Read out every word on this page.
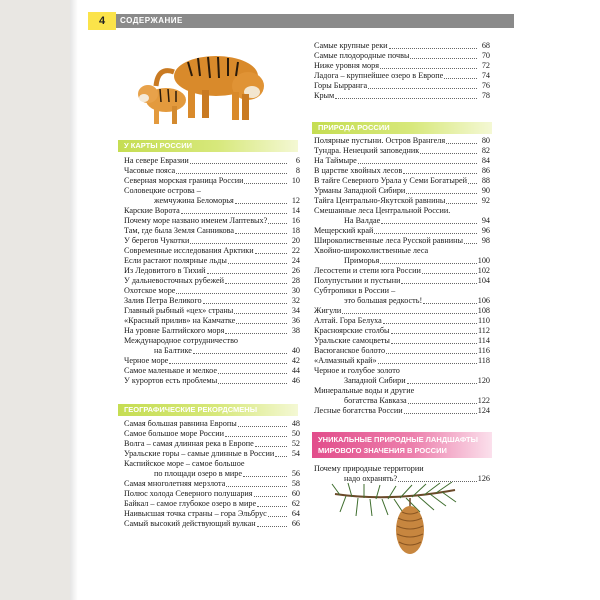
4	СОДЕРЖАНИЕ
У КАРТЫ РОССИИ
На севере Евразии	6
Часовые пояса	8
Северная морская граница России	10
Соловецкие острова –
жемчужина Беломорья	12
Карские Ворота	14
Почему море названо именем Лаптевых?	16
Там, где была Земля Санникова	18
У берегов Чукотки	20
Современные исследования Арктики	22
Если растают полярные льды	24
Из Ледовитого в Тихий	26
У дальневосточных рубежей	28
Охотское море	30
Залив Петра Великого	32
Главный рыбный «цех» страны	34
«Красный прилив» на Камчатке	36
На уровне Балтийского моря	38
Международное сотрудничество
на Балтике	40
Черное море	42
Самое маленькое и мелкое	44
У курортов есть проблемы	46
ГЕОГРАФИЧЕСКИЕ РЕКОРДСМЕНЫ
Самая большая равнина Европы	48
Самое большое море России	50
Волга – самая длинная река в Европе	52
Уральские горы – самые длинные в России	54
Каспийское море – самое большое
по площади озеро в мире	56
Самая многолетняя мерзлота	58
Полюс холода Северного полушария	60
Байкал – самое глубокое озеро в мире	62
Наивысшая точка страны – гора Эльбрус	64
Самый высокий действующий вулкан	66
Самые крупные реки	68
Самые плодородные почвы	70
Ниже уровня моря	72
Ладога – крупнейшее озеро в Европе	74
Горы Бырранга	76
Крым	78
ПРИРОДА РОССИИ
Полярные пустыни. Остров Врангеля	80
Тундра. Ненецкий заповедник	82
На Таймыре	84
В царстве хвойных лесов	86
В тайге Северного Урала у Семи Богатырей	88
Урманы Западной Сибири	90
Тайга Центрально-Якутской равнины	92
Смешанные леса Центральной России.
На Валдае	94
Мещерский край	96
Широколиственные леса Русской равнины	98
Хвойно-широколиственные леса
Приморья	100
Лесостепи и степи юга России	102
Полупустыни и пустыни	104
Субтропики в России –
это большая редкость!	106
Жигули	108
Алтай. Гора Белуха	110
Красноярские столбы	112
Уральские самоцветы	114
Васюганское болото	116
«Алмазный край»	118
Черное и голубое золото
Западной Сибири	120
Минеральные воды и другие
богатства Кавказа	122
Лесные богатства России	124
УНИКАЛЬНЫЕ ПРИРОДНЫЕ ЛАНДШАФТЫ
МИРОВОГО ЗНАЧЕНИЯ В РОССИИ
Почему природные территории
надо охранять?	126
